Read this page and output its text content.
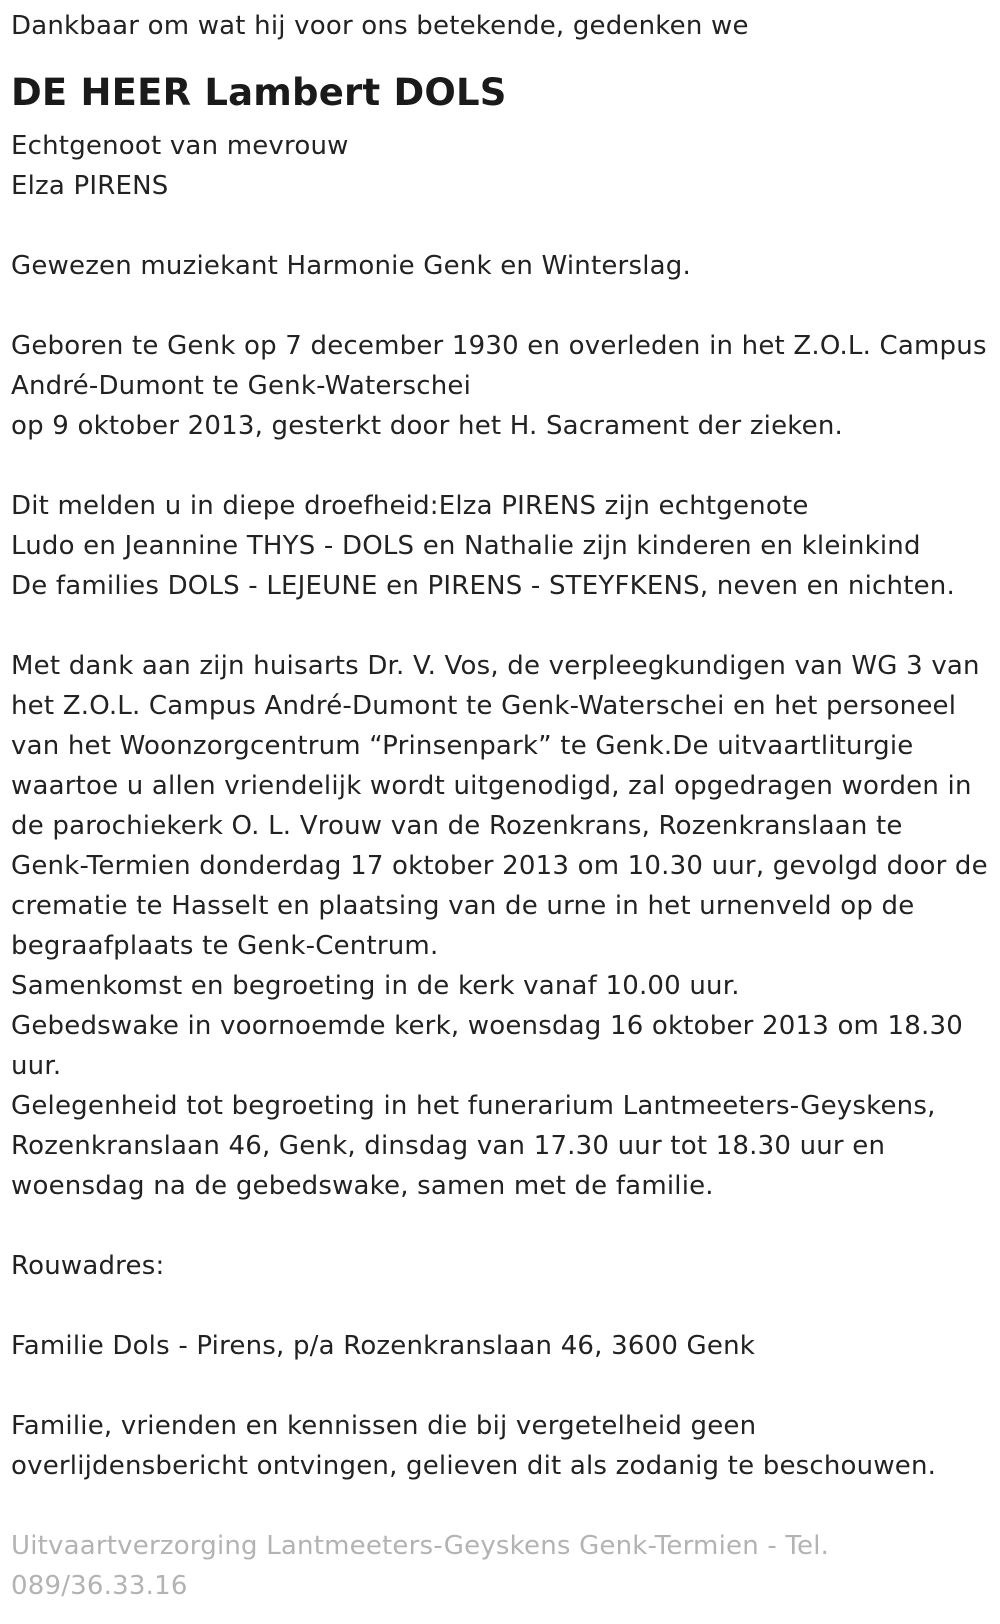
Dankbaar om wat hij voor ons betekende, gedenken we
DE HEER Lambert DOLS
Echtgenoot van mevrouw
Elza PIRENS
Gewezen muziekant Harmonie Genk en Winterslag.
Geboren te Genk op 7 december 1930 en overleden in het Z.O.L. Campus
André-Dumont te Genk-Waterschei
op 9 oktober 2013, gesterkt door het H. Sacrament der zieken.
Dit melden u in diepe droefheid:Elza PIRENS zijn echtgenote
Ludo en Jeannine THYS - DOLS en Nathalie zijn kinderen en kleinkind
De families DOLS - LEJEUNE en PIRENS - STEYFKENS, neven en nichten.
Met dank aan zijn huisarts Dr. V. Vos, de verpleegkundigen van WG 3 van
het Z.O.L. Campus André-Dumont te Genk-Waterschei en het personeel
van het Woonzorgcentrum “Prinsenpark” te Genk.De uitvaartliturgie
waartoe u allen vriendelijk wordt uitgenodigd, zal opgedragen worden in
de parochiekerk O. L. Vrouw van de Rozenkrans, Rozenkranslaan te
Genk-Termien donderdag 17 oktober 2013 om 10.30 uur, gevolgd door de
crematie te Hasselt en plaatsing van de urne in het urnenveld op de
begraafplaats te Genk-Centrum.
Samenkomst en begroeting in de kerk vanaf 10.00 uur.
Gebedswake in voornoemde kerk, woensdag 16 oktober 2013 om 18.30
uur.
Gelegenheid tot begroeting in het funerarium Lantmeeters-Geyskens,
Rozenkranslaan 46, Genk, dinsdag van 17.30 uur tot 18.30 uur en
woensdag na de gebedswake, samen met de familie.
Rouwadres:
Familie Dols - Pirens, p/a Rozenkranslaan 46, 3600 Genk
Familie, vrienden en kennissen die bij vergetelheid geen
overlijdensbericht ontvingen, gelieven dit als zodanig te beschouwen.
Uitvaartverzorging Lantmeeters-Geyskens Genk-Termien - Tel.
089/36.33.16
